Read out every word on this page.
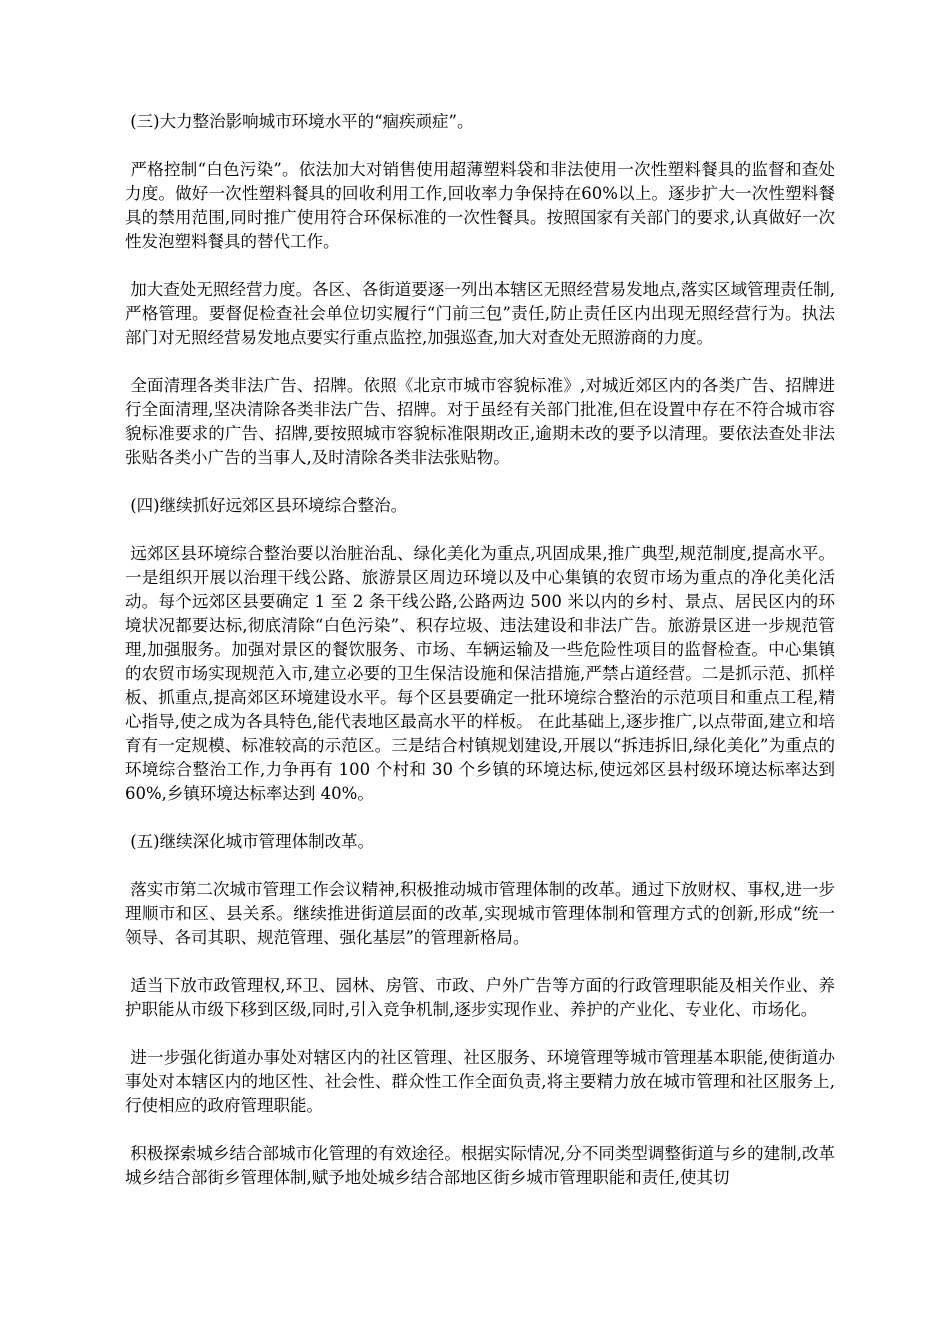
(三)大力整治影响城市环境水平的“痼疾顽症”。

严格控制“白色污染”。依法加大对销售使用超薄塑料袋和非法使用一次性塑料餐具的监督和查处力度。做好一次性塑料餐具的回收利用工作,回收率力争保持在60%以上。逐步扩大一次性塑料餐具的禁用范围,同时推广使用符合环保标准的一次性餐具。按照国家有关部门的要求,认真做好一次性发泡塑料餐具的替代工作。

加大查处无照经营力度。各区、各街道要逐一列出本辖区无照经营易发地点,落实区域管理责任制,严格管理。要督促检查社会单位切实履行“门前三包”责任,防止责任区内出现无照经营行为。执法部门对无照经营易发地点要实行重点监控,加强巡查,加大对查处无照游商的力度。

全面清理各类非法广告、招牌。依照《北京市城市容貌标准》,对城近郊区内的各类广告、招牌进行全面清理,坚决清除各类非法广告、招牌。对于虽经有关部门批准,但在设置中存在不符合城市容貌标准要求的广告、招牌,要按照城市容貌标准限期改正,逾期未改的要予以清理。要依法查处非法张贴各类小广告的当事人,及时清除各类非法张贴物。

(四)继续抓好远郊区县环境综合整治。

远郊区县环境综合整治要以治脏治乱、绿化美化为重点,巩固成果,推广典型,规范制度,提高水平。一是组织开展以治理干线公路、旅游景区周边环境以及中心集镇的农贸市场为重点的净化美化活动。每个远郊区县要确定 1 至 2 条干线公路,公路两边 500 米以内的乡村、景点、居民区内的环境状况都要达标,彻底清除“白色污染”、积存垃圾、违法建设和非法广告。旅游景区进一步规范管理,加强服务。加强对景区的餐饮服务、市场、车辆运输及一些危险性项目的监督检查。中心集镇的农贸市场实现规范入市,建立必要的卫生保洁设施和保洁措施,严禁占道经营。二是抓示范、抓样板、抓重点,提高郊区环境建设水平。每个区县要确定一批环境综合整治的示范项目和重点工程,精心指导,使之成为各具特色,能代表地区最高水平的样板。 在此基础上,逐步推广,以点带面,建立和培育有一定规模、标准较高的示范区。三是结合村镇规划建设,开展以“拆违拆旧,绿化美化”为重点的环境综合整治工作,力争再有 100 个村和 30 个乡镇的环境达标,使远郊区县村级环境达标率达到 60%,乡镇环境达标率达到 40%。

(五)继续深化城市管理体制改革。

落实市第二次城市管理工作会议精神,积极推动城市管理体制的改革。通过下放财权、事权,进一步理顺市和区、县关系。继续推进街道层面的改革,实现城市管理体制和管理方式的创新,形成“统一领导、各司其职、规范管理、强化基层”的管理新格局。

适当下放市政管理权,环卫、园林、房管、市政、户外广告等方面的行政管理职能及相关作业、养护职能从市级下移到区级,同时,引入竞争机制,逐步实现作业、养护的产业化、专业化、市场化。

进一步强化街道办事处对辖区内的社区管理、社区服务、环境管理等城市管理基本职能,使街道办事处对本辖区内的地区性、社会性、群众性工作全面负责,将主要精力放在城市管理和社区服务上,行使相应的政府管理职能。

积极探索城乡结合部城市化管理的有效途径。根据实际情况,分不同类型调整街道与乡的建制,改革城乡结合部街乡管理体制,赋予地处城乡结合部地区街乡城市管理职能和责任,使其切
